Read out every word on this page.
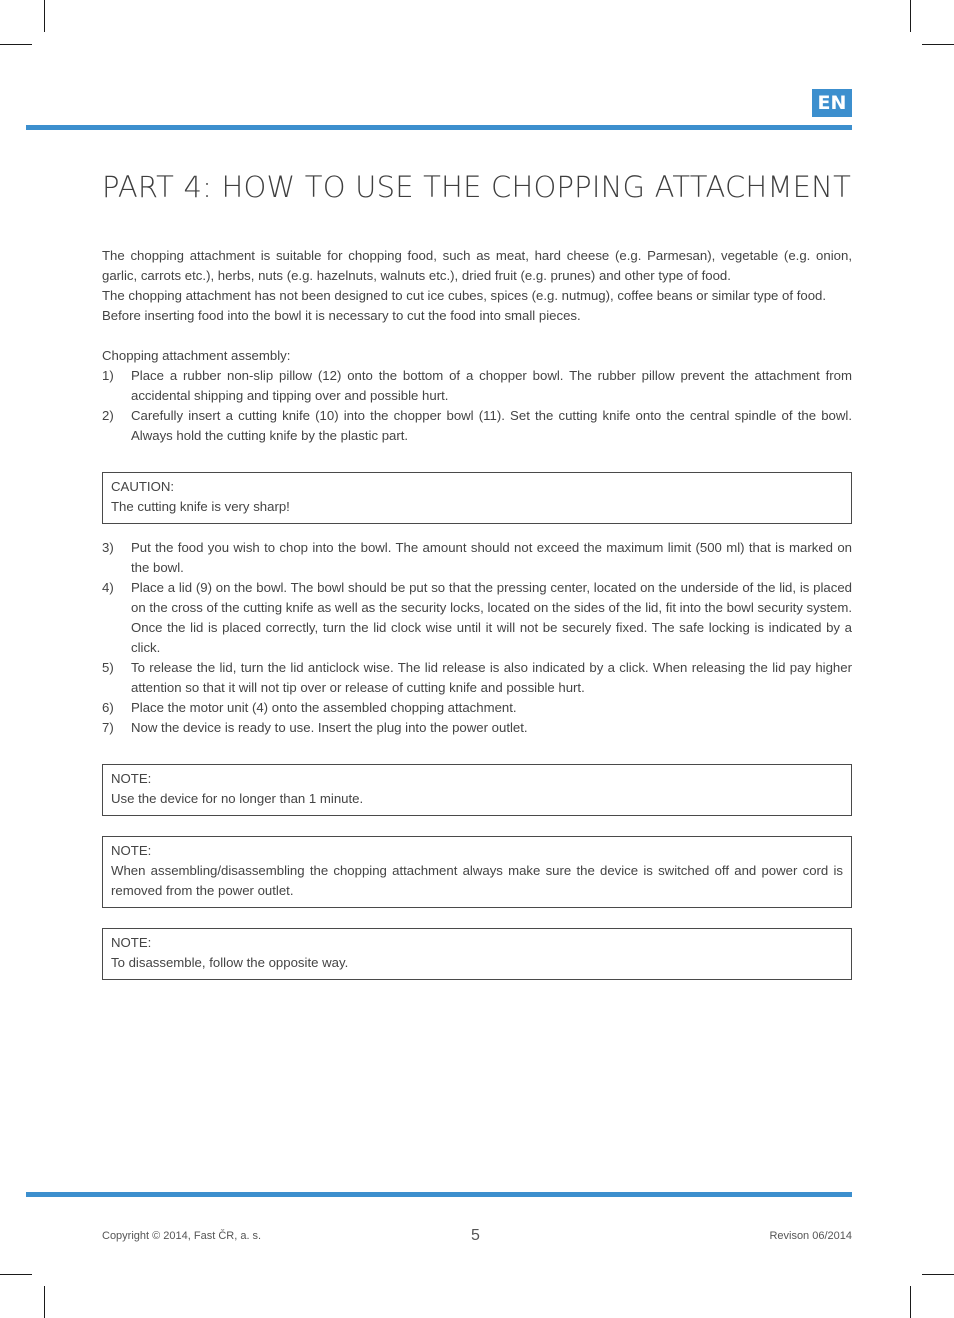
EN
PART 4: HOW TO USE THE CHOPPING ATTACHMENT

The chopping attachment is suitable for chopping food, such as meat, hard cheese (e.g. Parmesan), vegetable (e.g. onion, garlic, carrots etc.), herbs, nuts (e.g. hazelnuts, walnuts etc.), dried fruit (e.g. prunes) and other type of food.

The chopping attachment has not been designed to cut ice cubes, spices (e.g. nutmug), coffee beans or similar type of food.

Before inserting food into the bowl it is necessary to cut the food into small pieces.

Chopping attachment assembly:

1)	Place a rubber non-slip pillow (12) onto the bottom of a chopper bowl. The rubber pillow prevent the attachment from accidental shipping and tipping over and possible hurt.
2)	Carefully insert a cutting knife (10) into the chopper bowl (11). Set the cutting knife onto the central spindle of the bowl. Always hold the cutting knife by the plastic part.
CAUTION:
The cutting knife is very sharp!
3)	Put the food you wish to chop into the bowl. The amount should not exceed the maximum limit (500 ml) that is marked on the bowl.
4)	Place a lid (9) on the bowl. The bowl should be put so that the pressing center, located on the underside of the lid, is placed on the cross of the cutting knife as well as the security locks, located on the sides of the lid, fit into the bowl security system. Once the lid is placed correctly, turn the lid clock wise until it will not be securely fixed. The safe locking is indicated by a click.
5)	To release the lid, turn the lid anticlock wise. The lid release is also indicated by a click. When releasing the lid pay higher attention so that it will not tip over or release of cutting knife and possible hurt.
6)	Place the motor unit (4) onto the assembled chopping attachment.
7)	Now the device is ready to use. Insert the plug into the power outlet.
NOTE:
Use the device for no longer than 1 minute.
NOTE:
When assembling/disassembling the chopping attachment always make sure the device is switched off and power cord is removed from the power outlet.
NOTE:
To disassemble, follow the opposite way.
Copyright © 2014, Fast ČR, a. s.	5	Revison 06/2014
